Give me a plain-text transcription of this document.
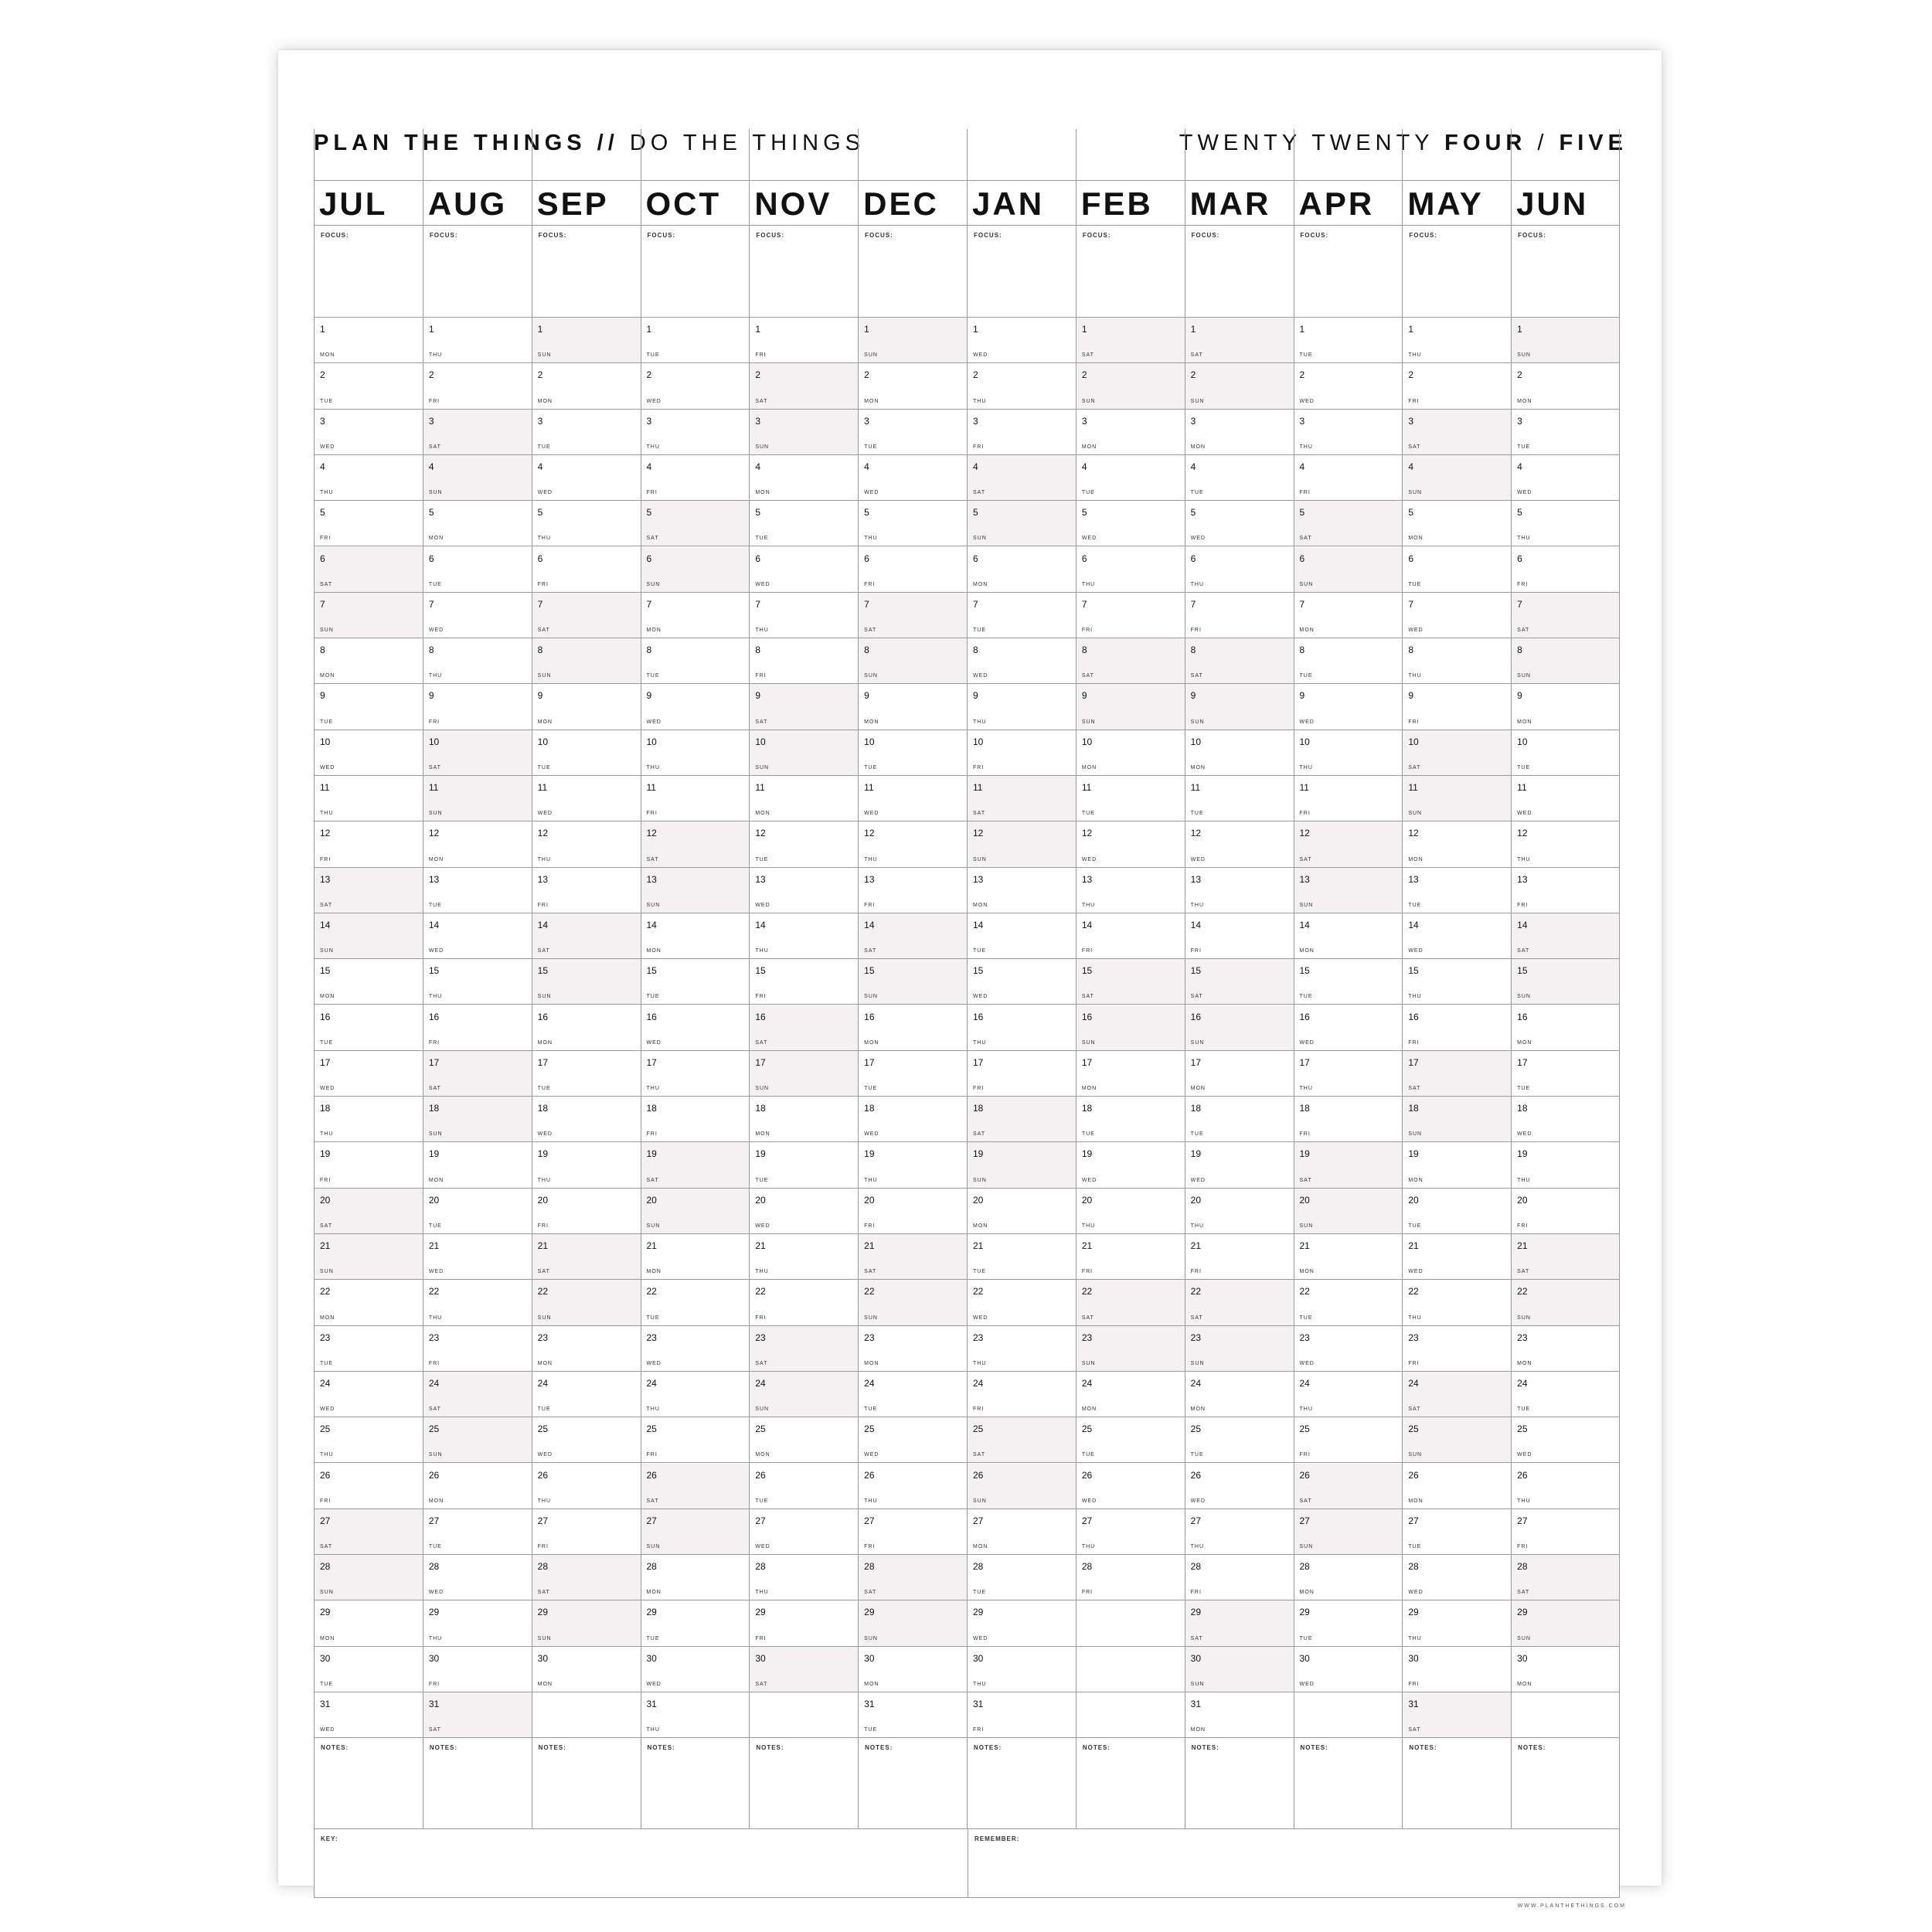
PLAN THE THINGS // DO THE THINGS	TWENTY TWENTY FOUR / FIVE
JUL
FOCUS:
1
MON
2
TUE
3
WED
4
THU
5
FRI
6
SAT
7
SUN
8
MON
9
TUE
10
WED
11
THU
12
FRI
13
SAT
14
SUN
15
MON
16
TUE
17
WED
18
THU
19
FRI
20
SAT
21
SUN
22
MON
23
TUE
24
WED
25
THU
26
FRI
27
SAT
28
SUN
29
MON
30
TUE
31
WED
NOTES:
AUG
FOCUS:
1
THU
2
FRI
3
SAT
4
SUN
5
MON
6
TUE
7
WED
8
THU
9
FRI
10
SAT
11
SUN
12
MON
13
TUE
14
WED
15
THU
16
FRI
17
SAT
18
SUN
19
MON
20
TUE
21
WED
22
THU
23
FRI
24
SAT
25
SUN
26
MON
27
TUE
28
WED
29
THU
30
FRI
31
SAT
NOTES:
SEP
FOCUS:
1
SUN
2
MON
3
TUE
4
WED
5
THU
6
FRI
7
SAT
8
SUN
9
MON
10
TUE
11
WED
12
THU
13
FRI
14
SAT
15
SUN
16
MON
17
TUE
18
WED
19
THU
20
FRI
21
SAT
22
SUN
23
MON
24
TUE
25
WED
26
THU
27
FRI
28
SAT
29
SUN
30
MON
NOTES:
OCT
FOCUS:
1
TUE
2
WED
3
THU
4
FRI
5
SAT
6
SUN
7
MON
8
TUE
9
WED
10
THU
11
FRI
12
SAT
13
SUN
14
MON
15
TUE
16
WED
17
THU
18
FRI
19
SAT
20
SUN
21
MON
22
TUE
23
WED
24
THU
25
FRI
26
SAT
27
SUN
28
MON
29
TUE
30
WED
31
THU
NOTES:
NOV
FOCUS:
1
FRI
2
SAT
3
SUN
4
MON
5
TUE
6
WED
7
THU
8
FRI
9
SAT
10
SUN
11
MON
12
TUE
13
WED
14
THU
15
FRI
16
SAT
17
SUN
18
MON
19
TUE
20
WED
21
THU
22
FRI
23
SAT
24
SUN
25
MON
26
TUE
27
WED
28
THU
29
FRI
30
SAT
NOTES:
DEC
FOCUS:
1
SUN
2
MON
3
TUE
4
WED
5
THU
6
FRI
7
SAT
8
SUN
9
MON
10
TUE
11
WED
12
THU
13
FRI
14
SAT
15
SUN
16
MON
17
TUE
18
WED
19
THU
20
FRI
21
SAT
22
SUN
23
MON
24
TUE
25
WED
26
THU
27
FRI
28
SAT
29
SUN
30
MON
31
TUE
NOTES:
JAN
FOCUS:
1
WED
2
THU
3
FRI
4
SAT
5
SUN
6
MON
7
TUE
8
WED
9
THU
10
FRI
11
SAT
12
SUN
13
MON
14
TUE
15
WED
16
THU
17
FRI
18
SAT
19
SUN
20
MON
21
TUE
22
WED
23
THU
24
FRI
25
SAT
26
SUN
27
MON
28
TUE
29
WED
30
THU
31
FRI
NOTES:
FEB
FOCUS:
1
SAT
2
SUN
3
MON
4
TUE
5
WED
6
THU
7
FRI
8
SAT
9
SUN
10
MON
11
TUE
12
WED
13
THU
14
FRI
15
SAT
16
SUN
17
MON
18
TUE
19
WED
20
THU
21
FRI
22
SAT
23
SUN
24
MON
25
TUE
26
WED
27
THU
28
FRI
NOTES:
MAR
FOCUS:
1
SAT
2
SUN
3
MON
4
TUE
5
WED
6
THU
7
FRI
8
SAT
9
SUN
10
MON
11
TUE
12
WED
13
THU
14
FRI
15
SAT
16
SUN
17
MON
18
TUE
19
WED
20
THU
21
FRI
22
SAT
23
SUN
24
MON
25
TUE
26
WED
27
THU
28
FRI
29
SAT
30
SUN
31
MON
NOTES:
APR
FOCUS:
1
TUE
2
WED
3
THU
4
FRI
5
SAT
6
SUN
7
MON
8
TUE
9
WED
10
THU
11
FRI
12
SAT
13
SUN
14
MON
15
TUE
16
WED
17
THU
18
FRI
19
SAT
20
SUN
21
MON
22
TUE
23
WED
24
THU
25
FRI
26
SAT
27
SUN
28
MON
29
TUE
30
WED
NOTES:
MAY
FOCUS:
1
THU
2
FRI
3
SAT
4
SUN
5
MON
6
TUE
7
WED
8
THU
9
FRI
10
SAT
11
SUN
12
MON
13
TUE
14
WED
15
THU
16
FRI
17
SAT
18
SUN
19
MON
20
TUE
21
WED
22
THU
23
FRI
24
SAT
25
SUN
26
MON
27
TUE
28
WED
29
THU
30
FRI
31
SAT
NOTES:
JUN
FOCUS:
1
SUN
2
MON
3
TUE
4
WED
5
THU
6
FRI
7
SAT
8
SUN
9
MON
10
TUE
11
WED
12
THU
13
FRI
14
SAT
15
SUN
16
MON
17
TUE
18
WED
19
THU
20
FRI
21
SAT
22
SUN
23
MON
24
TUE
25
WED
26
THU
27
FRI
28
SAT
29
SUN
30
MON
NOTES:
KEY:	REMEMBER:
WWW.PLANTHETHINGS.COM
